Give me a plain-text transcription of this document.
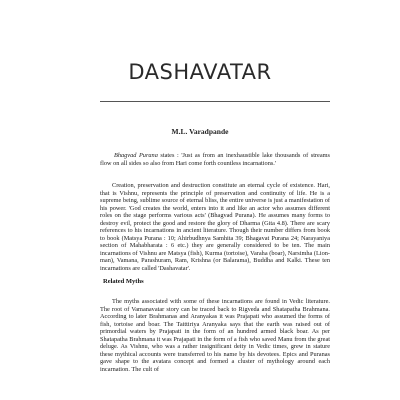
DASHAVATAR
M.L. Varadpande

Bhagvad Purana states : 'Just as from an inexhaustible lake thousands of streams flow on all sides so also from Hari come forth countless incarnations.'

Creation, preservation and destruction constitute an eternal cycle of existence. Hari, that is Vishnu, represents the principle of preservation and continuity of life. He is a supreme being, sublime source of eternal bliss, the entire universe is just a manifestation of his power. 'God creates the world, enters into it and like an actor who assumes different roles on the stage performs various acts' (Bhagvad Purana). He assumes many forms to destroy evil, protect the good and restore the glory of Dharma (Gita 4.8). There are scary references to his incarnations in ancient literature. Though their number differs from book to book (Matsya Purana : 10; Ahirbudhnya Samhita 39; Bhagavat Purana 24; Narayaniya section of Mahabharata : 6 etc.) they are generally considered to be ten. The main incarnations of Vishnu are Matsya (fish), Kurma (tortoise), Varaha (boar), Narsimha (Lion-man), Vamana, Parashuram, Ram, Krishna (or Balarama), Buddha and Kalki. These ten incarnations are called 'Dashavatar'.

Related Myths

The myths associated with some of these incarnations are found in Vedic literature. The root of Vamanavatar story can be traced back to Rigveda and Shatapatha Brahmana. According to later Brahmanas and Aranyakas it was Prajapati who assumed the forms of fish, tortoise and boar. The Taittiriya Aranyaka says that the earth was raised out of primordial waters by Prajapati in the form of an hundred armed black boar. As per Shatapatha Brahmana it was Prajapati in the form of a fish who saved Manu from the great deluge. As Vishnu, who was a rather insignificant deity in Vedic times, grew in stature these mythical accounts were transferred to his name by his devotees. Epics and Puranas gave shape to the avatara concept and formed a cluster of mythology around each incarnation. The cult of
